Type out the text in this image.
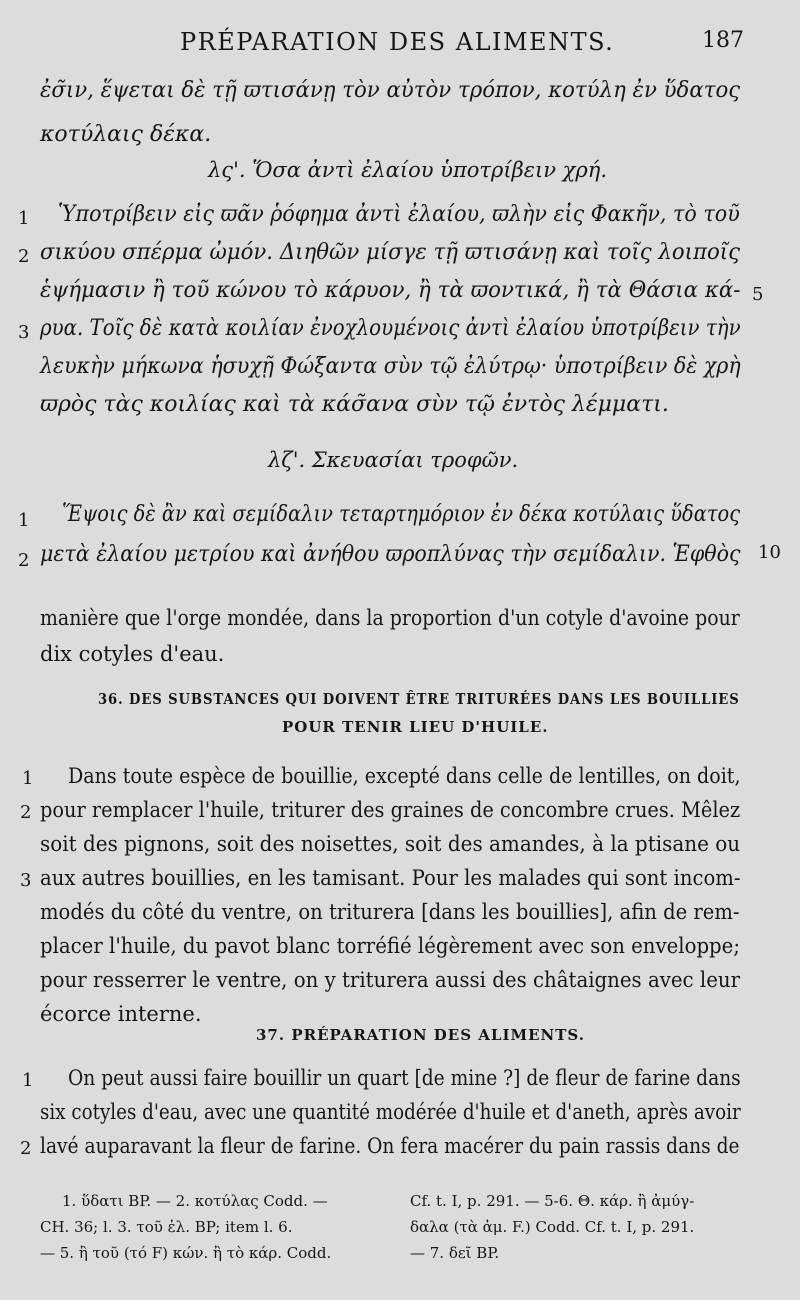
PRÉPARATION DES ALIMENTS.	187
ἐσ̃ιν, ἕψεται δὲ τῇ ϖτισάνῃ τὸν αὐτὸν τρόπον, κοτύλη ἐν ὕδατος
κοτύλαις δέκα.
λς'. Ὅσα ἀντὶ ἐλαίου ὑποτρίβειν χρή.
1 Ὑποτρίβειν εἰς ϖᾶν ῥόφημα ἀντὶ ἐλαίου, ϖλὴν εἰς Φακῆν, τὸ τοῦ
2 σικύου σπέρμα ὠμόν. Διηθῶν μίσγε τῇ ϖτισάνῃ καὶ τοῖς λοιποῖς
ἑψήμασιν ἢ τοῦ κώνου τὸ κάρυον, ἢ τὰ ϖοντικά, ἢ τὰ Θάσια κά- 5
3 ρυα. Τοῖς δὲ κατὰ κοιλίαν ἐνοχλουμένοις ἀντὶ ἐλαίου ὑποτρίβειν τὴν
λευκὴν μήκωνα ἡσυχῇ Φώξαντα σὺν τῷ ἐλύτρῳ· ὑποτρίβειν δὲ χρὴ
ϖρὸς τὰς κοιλίας καὶ τὰ κάσ̃ανα σὺν τῷ ἐντὸς λέμματι.
λζ'. Σκευασίαι τροφῶν.
1 Ἕψοις δὲ ἂν καὶ σεμίδαλιν τεταρτημόριον ἐν δέκα κοτύλαις ὕδατος
2 μετὰ ἐλαίου μετρίου καὶ ἀνήθου ϖροπλύνας τὴν σεμίδαλιν. Ἑφθὸς 10
manière que l'orge mondée, dans la proportion d'un cotyle d'avoine pour
dix cotyles d'eau.
36. DES SUBSTANCES QUI DOIVENT ÊTRE TRITURÉES DANS LES BOUILLIES
POUR TENIR LIEU D'HUILE.
1 Dans toute espèce de bouillie, excepté dans celle de lentilles, on doit,
2 pour remplacer l'huile, triturer des graines de concombre crues. Mêlez
soit des pignons, soit des noisettes, soit des amandes, à la ptisane ou
3 aux autres bouillies, en les tamisant. Pour les malades qui sont incom-
modés du côté du ventre, on triturera [dans les bouillies], afin de rem-
placer l'huile, du pavot blanc torréfié légèrement avec son enveloppe;
pour resserrer le ventre, on y triturera aussi des châtaignes avec leur
écorce interne.
37. PRÉPARATION DES ALIMENTS.
1 On peut aussi faire bouillir un quart [de mine ?] de fleur de farine dans
six cotyles d'eau, avec une quantité modérée d'huile et d'aneth, après avoir
2 lavé auparavant la fleur de farine. On fera macérer du pain rassis dans de
1. ὕδατι BP. — 2. κοτύλας Codd. —
CH. 36; l. 3. τοῦ ἐλ. BP; item l. 6.
— 5. ἢ τοῦ (τό F) κών. ἢ τὸ κάρ. Codd.
Cf. t. I, p. 291. — 5-6. Θ. κάρ. ἢ ἀμύγ-
δαλα (τὰ ἀμ. F.) Codd. Cf. t. I, p. 291.
— 7. δεῖ BP.
